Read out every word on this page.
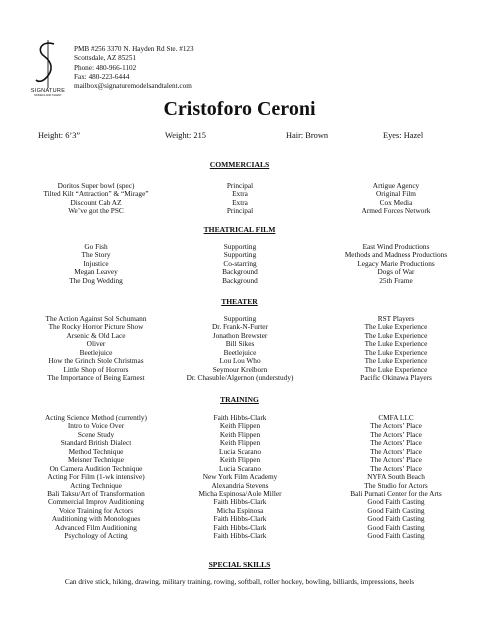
SIGNATURE
MODELS AND TALENT
PMB #256 3370 N. Hayden Rd Ste. #123
Scottsdale, AZ 85251
Phone: 480-966-1102
Fax: 480-223-6444
mailbox@signaturemodelsandtalent.com
Cristoforo Ceroni
Height: 6’3”	Weight: 215	Hair: Brown	Eyes: Hazel
COMMERCIALS
Doritos Super bowl (spec)	Principal	Artigue Agency
Tilted Kilt “Attraction” & “Mirage”	Extra	Original Film
Discount Cab AZ	Extra	Cox Media
We’ve got the PSC	Principal	Armed Forces Network
THEATRICAL FILM
Go Fish	Supporting	East Wind Productions
The Story	Supporting	Methods and Madness Productions
Injustice	Co-starring	Legacy Marie Productions
Megan Leavey	Background	Dogs of War
The Dog Wedding	Background	25th Frame
THEATER
The Action Against Sol Schumann	Supporting	RST Players
The Rocky Horror Picture Show	Dr. Frank-N-Furter	The Luke Experience
Arsenic & Old Lace	Jonathon Brewster	The Luke Experience
Oliver	Bill Sikes	The Luke Experience
Beetlejuice	Beetlejuice	The Luke Experience
How the Grinch Stole Christmas	Lou Lou Who	The Luke Experience
Little Shop of Horrors	Seymour Krelborn	The Luke Experience
The Importance of Being Earnest	Dr. Chasuble/Algernon (understudy)	Pacific Okinawa Players
TRAINING
Acting Science Method (currently)	Faith Hibbs-Clark	CMFA LLC
Intro to Voice Over	Keith Flippen	The Actors’ Place
Scene Study	Keith Flippen	The Actors’ Place
Standard British Dialect	Keith Flippen	The Actors’ Place
Method Technique	Lucia Scarano	The Actors’ Place
Meisner Technique	Keith Flippen	The Actors’ Place
On Camera Audition Technique	Lucia Scarano	The Actors’ Place
Acting For Film (1-wk intensive)	New York Film Academy	NYFA South Beach
Acting Technique	Alexandria Stevens	The Studio for Actors
Bali Taksu/Art of Transformation	Micha Espinosa/Aole Miller	Bali Purnati Center for the Arts
Commercial Improv Auditioning	Faith Hibbs-Clark	Good Faith Casting
Voice Training for Actors	Micha Espinosa	Good Faith Casting
Auditioning with Monologues	Faith Hibbs-Clark	Good Faith Casting
Advanced Film Auditioning	Faith Hibbs-Clark	Good Faith Casting
Psychology of Acting	Faith Hibbs-Clark	Good Faith Casting
SPECIAL SKILLS
Can drive stick, hiking, drawing, military training, rowing, softball, roller hockey, bowling, billiards, impressions, heels
